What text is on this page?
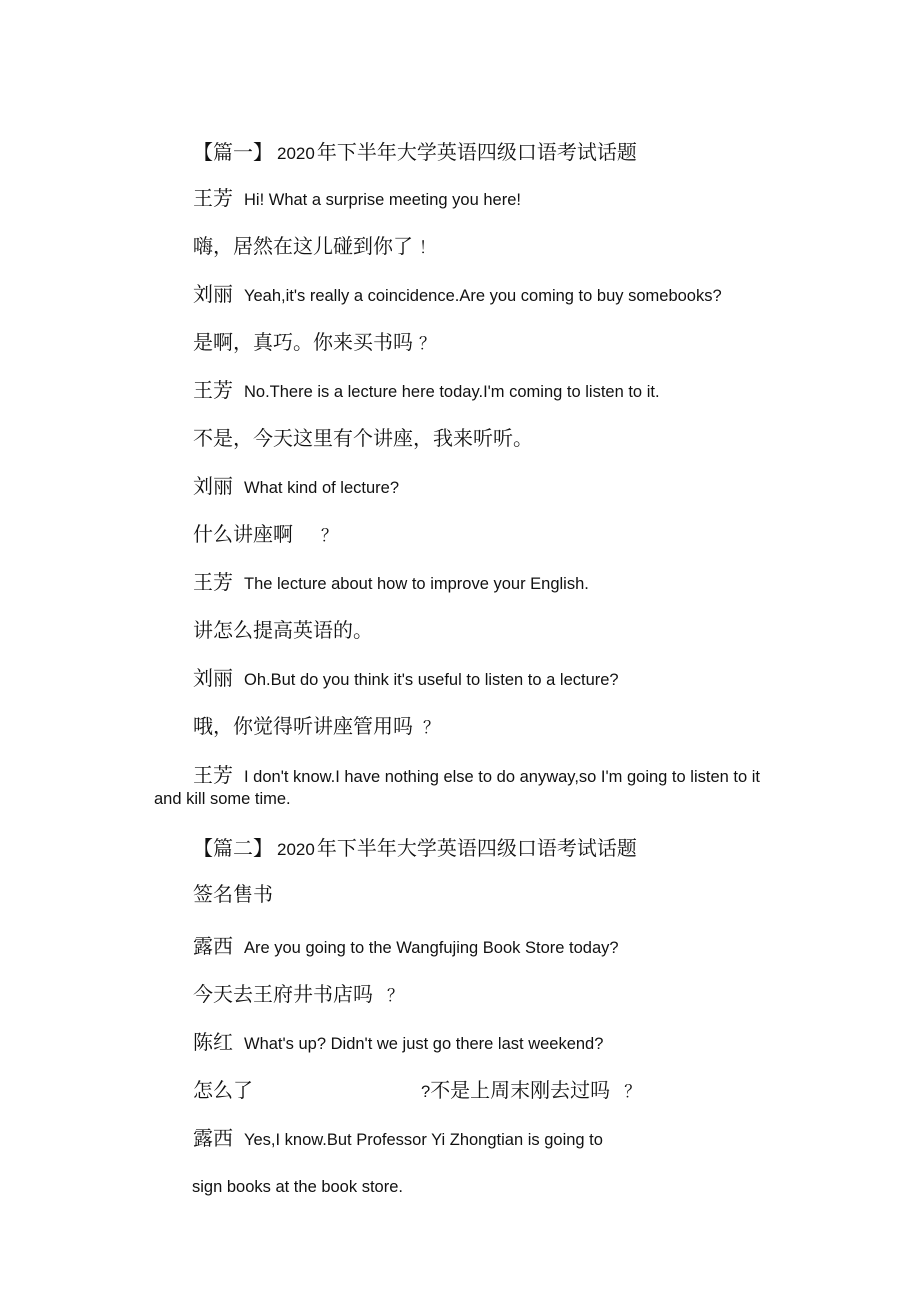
【篇一】 2020 年下半年大学英语四级口语考试话题

王芳 Hi! What a surprise meeting you here!

嗨，居然在这儿碰到你了 ！

刘丽 Yeah,it's really a coincidence.Are you coming to buy somebooks?

是啊，真巧。你来买书吗 ？

王芳 No.There is a lecture here today.I'm coming to listen to it.

不是，今天这里有个讲座，我来听听。

刘丽 What kind of lecture?

什么讲座啊 ？

王芳 The lecture about how to improve your English.

讲怎么提高英语的。

刘丽 Oh.But do you think it's useful to listen to a lecture?

哦，你觉得听讲座管用吗 ？

王芳 I don't know.I have nothing else to do anyway,so I'm going to listen to it

and kill some time.

【篇二】 2020 年下半年大学英语四级口语考试话题

签名售书

露西 Are you going to the Wangfujing Book Store today?

今天去王府井书店吗 ？

陈红 What's up? Didn't we just go there last weekend?

怎么了	?不是上周末刚去过吗 ？

露西 Yes,I know.But Professor Yi Zhongtian is going to

sign books at the book store.
